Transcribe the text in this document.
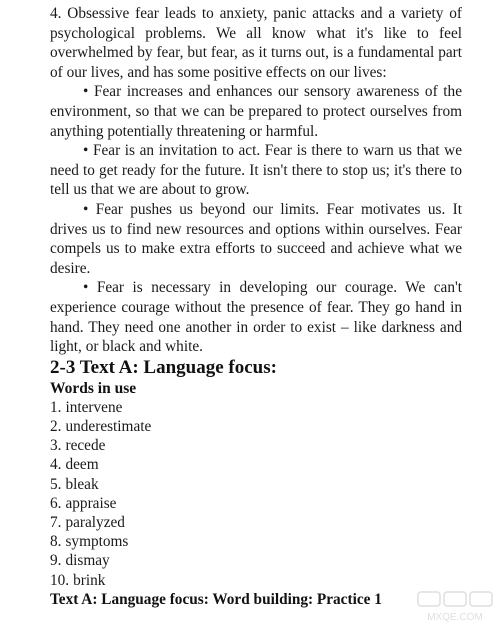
4. Obsessive fear leads to anxiety, panic attacks and a variety of psychological problems. We all know what it's like to feel overwhelmed by fear, but fear, as it turns out, is a fundamental part of our lives, and has some positive effects on our lives:

• Fear increases and enhances our sensory awareness of the environment, so that we can be prepared to protect ourselves from anything potentially threatening or harmful.

• Fear is an invitation to act. Fear is there to warn us that we need to get ready for the future. It isn't there to stop us; it's there to tell us that we are about to grow.

• Fear pushes us beyond our limits. Fear motivates us. It drives us to find new resources and options within ourselves. Fear compels us to make extra efforts to succeed and achieve what we desire.

• Fear is necessary in developing our courage. We can't experience courage without the presence of fear. They go hand in hand. They need one another in order to exist – like darkness and light, or black and white.

2-3 Text A: Language focus:
Words in use
1. intervene
2. underestimate
3. recede
4. deem
5. bleak
6. appraise
7. paralyzed
8. symptoms
9. dismay
10. brink
Text A: Language focus: Word building: Practice 1
MXQE.COM
